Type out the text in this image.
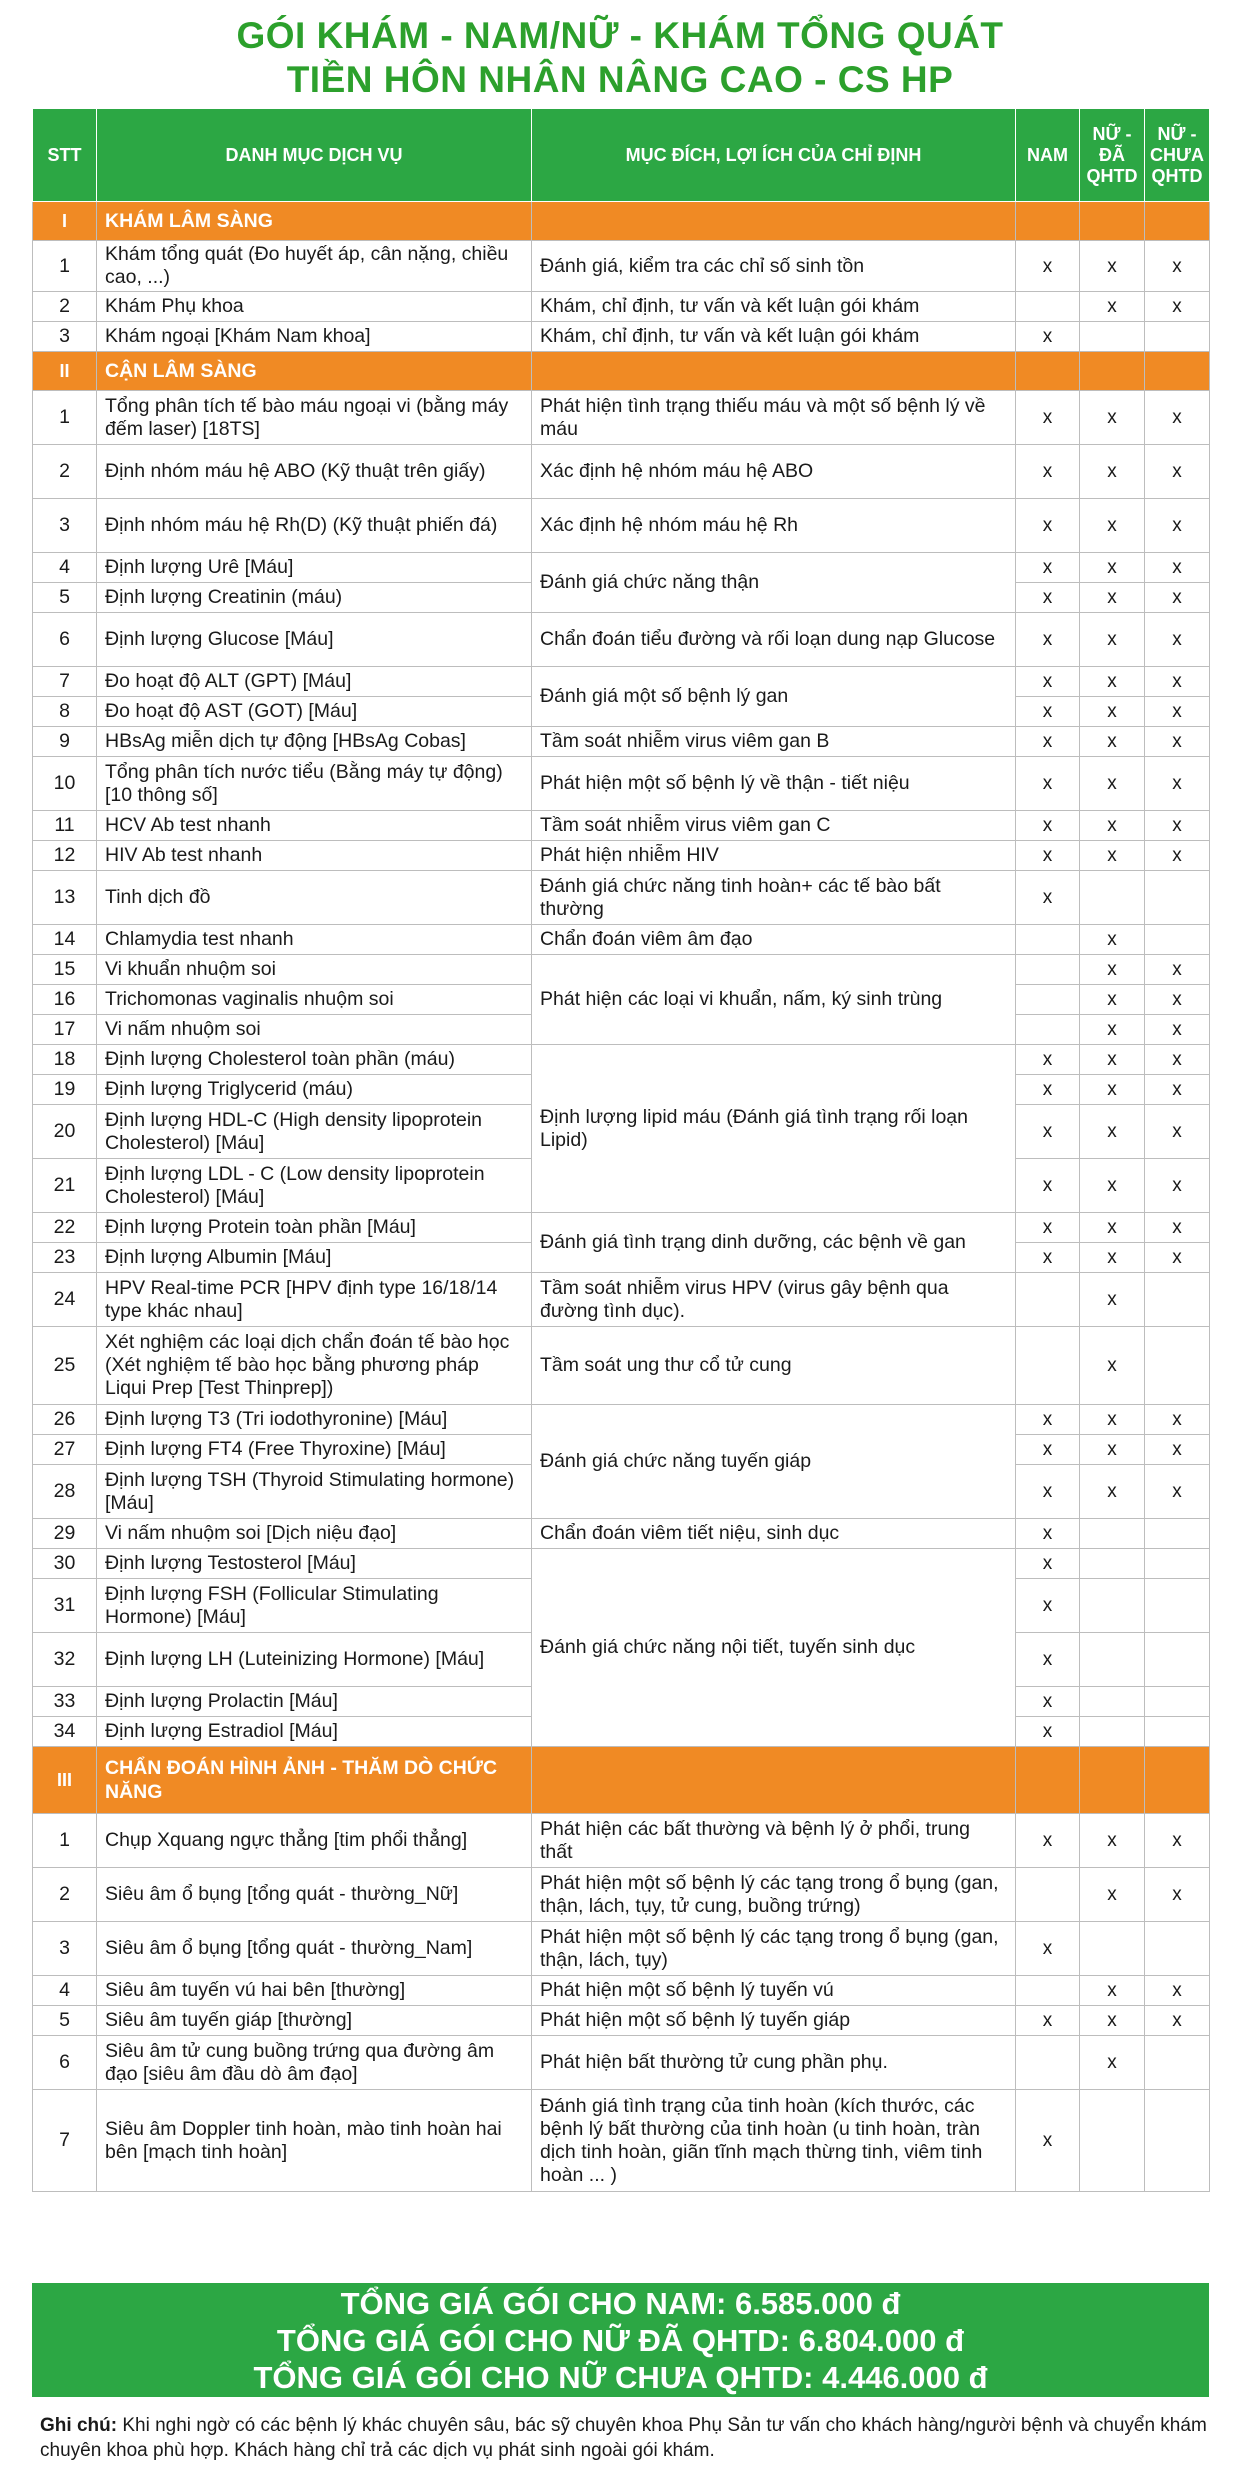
GÓI KHÁM - NAM/NỮ - KHÁM TỔNG QUÁT
TIỀN HÔN NHÂN NÂNG CAO - CS HP
STT	DANH MỤC DỊCH VỤ	MỤC ĐÍCH, LỢI ÍCH CỦA CHỈ ĐỊNH	NAM	NỮ - ĐÃ QHTD	NỮ - CHƯA QHTD
I	KHÁM LÂM SÀNG				
1	Khám tổng quát (Đo huyết áp, cân nặng, chiều cao, ...)	Đánh giá, kiểm tra các chỉ số sinh tồn	x	x	x
2	Khám Phụ khoa	Khám, chỉ định, tư vấn và kết luận gói khám		x	x
3	Khám ngoại [Khám Nam khoa]	Khám, chỉ định, tư vấn và kết luận gói khám	x		
II	CẬN LÂM SÀNG				
1	Tổng phân tích tế bào máu ngoại vi (bằng máy đếm laser) [18TS]	Phát hiện tình trạng thiếu máu và một số bệnh lý về máu	x	x	x
2	Định nhóm máu hệ ABO (Kỹ thuật trên giấy)	Xác định hệ nhóm máu hệ ABO	x	x	x
3	Định nhóm máu hệ Rh(D) (Kỹ thuật phiến đá)	Xác định hệ nhóm máu hệ Rh	x	x	x
4	Định lượng Urê [Máu]	Đánh giá chức năng thận	x	x	x
5	Định lượng Creatinin (máu)		x	x	x
6	Định lượng Glucose [Máu]	Chẩn đoán tiểu đường và rối loạn dung nạp Glucose	x	x	x
7	Đo hoạt độ ALT (GPT) [Máu]	Đánh giá một số bệnh lý gan	x	x	x
8	Đo hoạt độ AST (GOT) [Máu]		x	x	x
9	HBsAg miễn dịch tự động [HBsAg Cobas]	Tầm soát nhiễm virus viêm gan B	x	x	x
10	Tổng phân tích nước tiểu (Bằng máy tự động) [10 thông số]	Phát hiện một số bệnh lý về thận - tiết niệu	x	x	x
11	HCV Ab test nhanh	Tầm soát nhiễm virus viêm gan C	x	x	x
12	HIV Ab test nhanh	Phát hiện nhiễm HIV	x	x	x
13	Tinh dịch đồ	Đánh giá chức năng tinh hoàn+ các tế bào bất thường	x		
14	Chlamydia test nhanh	Chẩn đoán viêm âm đạo		x	
15	Vi khuẩn nhuộm soi	Phát hiện các loại vi khuẩn, nấm, ký sinh trùng		x	x
16	Trichomonas vaginalis nhuộm soi			x	x
17	Vi nấm nhuộm soi			x	x
18	Định lượng Cholesterol toàn phần (máu)	Định lượng lipid máu (Đánh giá tình trạng rối loạn Lipid)	x	x	x
19	Định lượng Triglycerid (máu)		x	x	x
20	Định lượng HDL-C (High density lipoprotein Cholesterol) [Máu]		x	x	x
21	Định lượng LDL - C (Low density lipoprotein Cholesterol) [Máu]		x	x	x
22	Định lượng Protein toàn phần [Máu]	Đánh giá tình trạng dinh dưỡng, các bệnh về gan	x	x	x
23	Định lượng Albumin [Máu]		x	x	x
24	HPV Real-time PCR [HPV định type 16/18/14 type khác nhau]	Tầm soát nhiễm virus HPV (virus gây bệnh qua đường tình dục).		x	
25	Xét nghiệm các loại dịch chẩn đoán tế bào học (Xét nghiệm tế bào học bằng phương pháp Liqui Prep [Test Thinprep])	Tầm soát ung thư cổ tử cung		x	
26	Định lượng T3 (Tri iodothyronine) [Máu]	Đánh giá chức năng tuyến giáp	x	x	x
27	Định lượng FT4 (Free Thyroxine) [Máu]		x	x	x
28	Định lượng TSH (Thyroid Stimulating hormone) [Máu]		x	x	x
29	Vi nấm nhuộm soi [Dịch niệu đạo]	Chẩn đoán viêm tiết niệu, sinh dục	x		
30	Định lượng Testosterol [Máu]	Đánh giá chức năng nội tiết, tuyến sinh dục	x		
31	Định lượng FSH (Follicular Stimulating Hormone) [Máu]		x		
32	Định lượng LH (Luteinizing Hormone) [Máu]		x		
33	Định lượng Prolactin [Máu]		x		
34	Định lượng Estradiol [Máu]		x		
III	CHẨN ĐOÁN HÌNH ẢNH - THĂM DÒ CHỨC NĂNG				
1	Chụp Xquang ngực thẳng [tim phổi thẳng]	Phát hiện các bất thường và bệnh lý ở phổi, trung thất	x	x	x
2	Siêu âm ổ bụng [tổng quát - thường_Nữ]	Phát hiện một số bệnh lý các tạng trong ổ bụng (gan, thận, lách, tụy, tử cung, buồng trứng)		x	x
3	Siêu âm ổ bụng [tổng quát - thường_Nam]	Phát hiện một số bệnh lý các tạng trong ổ bụng (gan, thận, lách, tụy)	x		
4	Siêu âm tuyến vú hai bên [thường]	Phát hiện một số bệnh lý tuyến vú		x	x
5	Siêu âm tuyến giáp [thường]	Phát hiện một số bệnh lý tuyến giáp	x	x	x
6	Siêu âm tử cung buồng trứng qua đường âm đạo [siêu âm đầu dò âm đạo]	Phát hiện bất thường tử cung phần phụ.		x	
7	Siêu âm Doppler tinh hoàn, mào tinh hoàn hai bên [mạch tinh hoàn]	Đánh giá tình trạng của tinh hoàn (kích thước, các bệnh lý bất thường của tinh hoàn (u tinh hoàn, tràn dịch tinh hoàn, giãn tĩnh mạch thừng tinh, viêm tinh hoàn ... )	x		
TỔNG GIÁ GÓI CHO NAM: 6.585.000 đ
TỔNG GIÁ GÓI CHO NỮ ĐÃ QHTD: 6.804.000 đ
TỔNG GIÁ GÓI CHO NỮ CHƯA QHTD: 4.446.000 đ
Ghi chú: Khi nghi ngờ có các bệnh lý khác chuyên sâu, bác sỹ chuyên khoa Phụ Sản tư vấn cho khách hàng/người bệnh và chuyển khám chuyên khoa phù hợp. Khách hàng chỉ trả các dịch vụ phát sinh ngoài gói khám.
